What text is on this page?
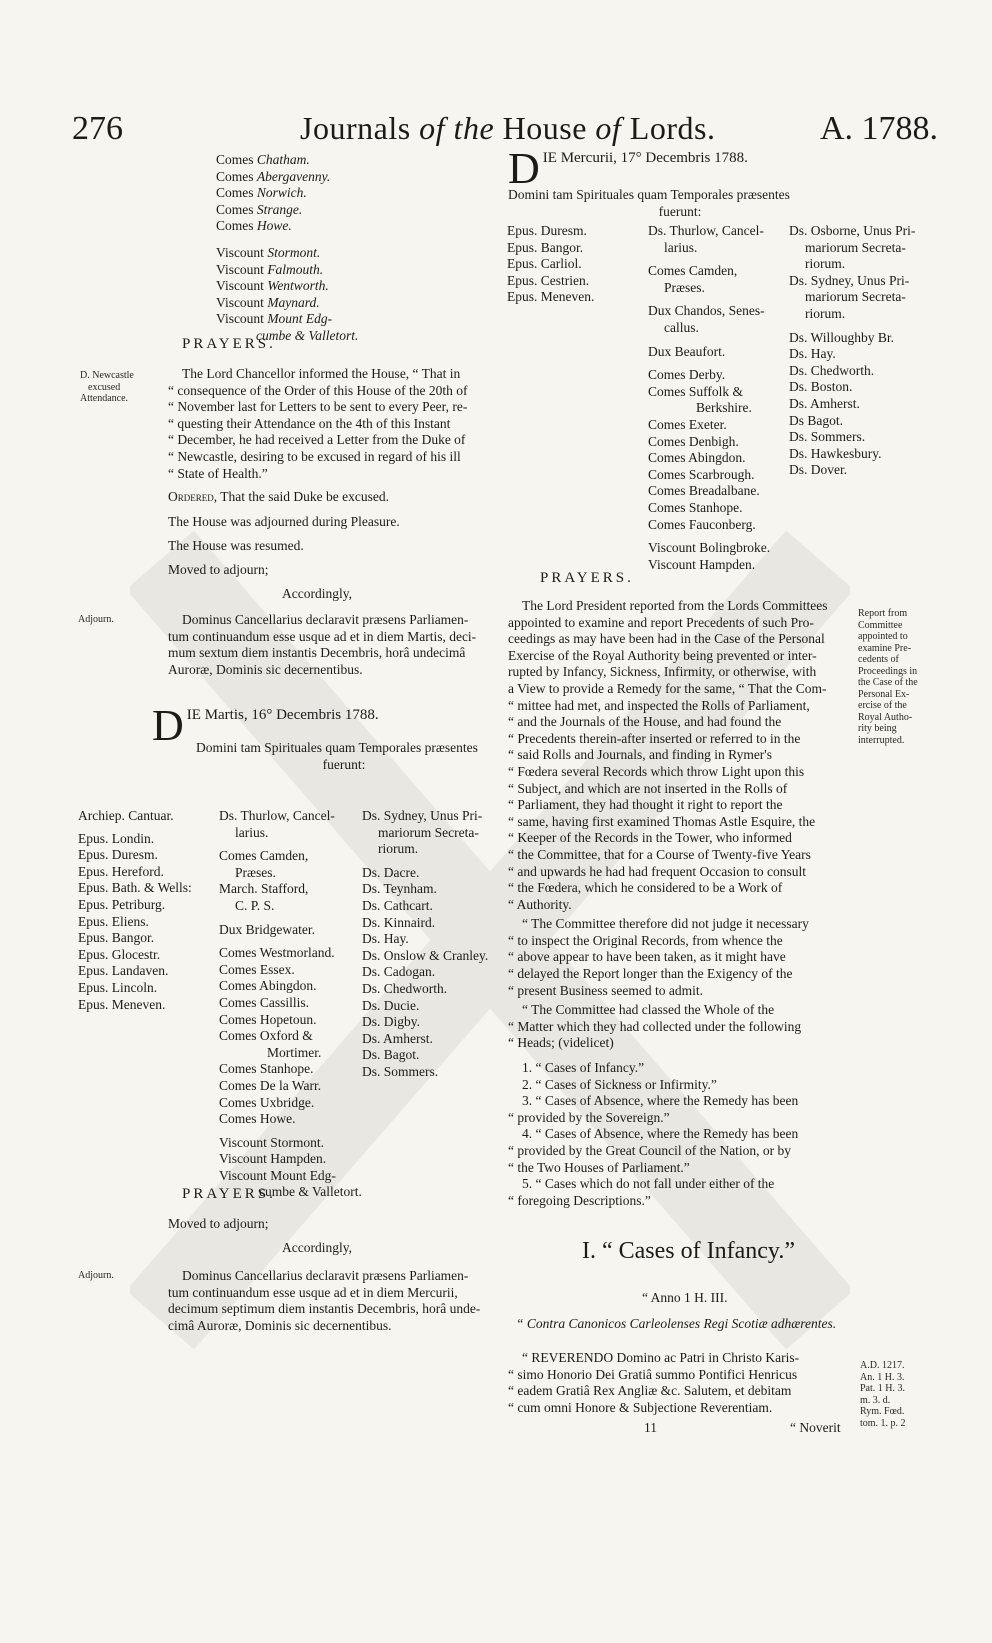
276	Journals of the House of Lords.	A. 1788.
Comes Chatham.
Comes Abergavenny.
Comes Norwich.
Comes Strange.
Comes Howe.
Viscount Stormont.
Viscount Falmouth.
Viscount Wentworth.
Viscount Maynard.
Viscount Mount Edg-
cumbe & Valletort.
PRAYERS.
D. Newcastle
excused
Attendance.
The Lord Chancellor informed the House, “ That in
“ consequence of the Order of this House of the 20th of
“ November last for Letters to be sent to every Peer, re-
“ questing their Attendance on the 4th of this Instant
“ December, he had received a Letter from the Duke of
“ Newcastle, desiring to be excused in regard of his ill
“ State of Health.”
Ordered, That the said Duke be excused.
The House was adjourned during Pleasure.
The House was resumed.
Moved to adjourn;
Accordingly,
Adjourn.	Dominus Cancellarius declaravit præsens Parliamen-
tum continuandum esse usque ad et in diem Martis, deci-
mum sextum diem instantis Decembris, horâ undecimâ
Auroræ, Dominis sic decernentibus.
DIE Martis, 16° Decembris 1788.
Domini tam Spirituales quam Temporales præsentes
fuerunt:
Archiep. Cantuar.
Epus. Londin.
Epus. Duresm.
Epus. Hereford.
Epus. Bath. & Wells:
Epus. Petriburg.
Epus. Eliens.
Epus. Bangor.
Epus. Glocestr.
Epus. Landaven.
Epus. Lincoln.
Epus. Meneven.
Ds. Thurlow, Cancel-
larius.
Comes Camden,
Præses.
March. Stafford,
C. P. S.
Dux Bridgewater.
Comes Westmorland.
Comes Essex.
Comes Abingdon.
Comes Cassillis.
Comes Hopetoun.
Comes Oxford &
Mortimer.
Comes Stanhope.
Comes De la Warr.
Comes Uxbridge.
Comes Howe.
Viscount Stormont.
Viscount Hampden.
Viscount Mount Edg-
cumbe & Valletort.
Ds. Sydney, Unus Pri-
mariorum Secreta-
riorum.
Ds. Dacre.
Ds. Teynham.
Ds. Cathcart.
Ds. Kinnaird.
Ds. Hay.
Ds. Onslow & Cranley.
Ds. Cadogan.
Ds. Chedworth.
Ds. Ducie.
Ds. Digby.
Ds. Amherst.
Ds. Bagot.
Ds. Sommers.
PRAYERS.
Moved to adjourn;
Accordingly,
Adjourn.	Dominus Cancellarius declaravit præsens Parliamen-
tum continuandum esse usque ad et in diem Mercurii,
decimum septimum diem instantis Decembris, horâ unde-
cimâ Auroræ, Dominis sic decernentibus.
DIE Mercurii, 17° Decembris 1788.
Domini tam Spirituales quam Temporales præsentes
fuerunt:
Epus. Duresm.
Epus. Bangor.
Epus. Carliol.
Epus. Cestrien.
Epus. Meneven.
Ds. Thurlow, Cancel-
larius.
Comes Camden,
Præses.
Dux Chandos, Senes-
callus.
Dux Beaufort.
Comes Derby.
Comes Suffolk &
Berkshire.
Comes Exeter.
Comes Denbigh.
Comes Abingdon.
Comes Scarbrough.
Comes Breadalbane.
Comes Stanhope.
Comes Fauconberg.
Viscount Bolingbroke.
Viscount Hampden.
Ds. Osborne, Unus Pri-
mariorum Secreta-
riorum.
Ds. Sydney, Unus Pri-
mariorum Secreta-
riorum.
Ds. Willoughby Br.
Ds. Hay.
Ds. Chedworth.
Ds. Boston.
Ds. Amherst.
Ds Bagot.
Ds. Sommers.
Ds. Hawkesbury.
Ds. Dover.
PRAYERS.
Report from
Committee
appointed to
examine Pre-
cedents of
Proceedings in
the Case of the
Personal Ex-
ercise of the
Royal Autho-
rity being
interrupted.
The Lord President reported from the Lords Committees
appointed to examine and report Precedents of such Pro-
ceedings as may have been had in the Case of the Personal
Exercise of the Royal Authority being prevented or inter-
rupted by Infancy, Sickness, Infirmity, or otherwise, with
a View to provide a Remedy for the same, “ That the Com-
“ mittee had met, and inspected the Rolls of Parliament,
“ and the Journals of the House, and had found the
“ Precedents therein-after inserted or referred to in the
“ said Rolls and Journals, and finding in Rymer's
“ Fœdera several Records which throw Light upon this
“ Subject, and which are not inserted in the Rolls of
“ Parliament, they had thought it right to report the
“ same, having first examined Thomas Astle Esquire, the
“ Keeper of the Records in the Tower, who informed
“ the Committee, that for a Course of Twenty-five Years
“ and upwards he had had frequent Occasion to consult
“ the Fœdera, which he considered to be a Work of
“ Authority.
“ The Committee therefore did not judge it necessary
“ to inspect the Original Records, from whence the
“ above appear to have been taken, as it might have
“ delayed the Report longer than the Exigency of the
“ present Business seemed to admit.
“ The Committee had classed the Whole of the
“ Matter which they had collected under the following
“ Heads; (videlicet)
1. “ Cases of Infancy.”
2. “ Cases of Sickness or Infirmity.”
3. “ Cases of Absence, where the Remedy has been
“ provided by the Sovereign.”
4. “ Cases of Absence, where the Remedy has been
“ provided by the Great Council of the Nation, or by
“ the Two Houses of Parliament.”
5. “ Cases which do not fall under either of the
“ foregoing Descriptions.”
I. “ Cases of Infancy.”
“ Anno 1 H. III.
“ Contra Canonicos Carleolenses Regi Scotiæ adhærentes.
A.D. 1217.
An. 1 H. 3.
Pat. 1 H. 3.
m. 3. d.
Rym. Fœd.
tom. 1. p. 2
“ REVERENDO Domino ac Patri in Christo Karis-
“ simo Honorio Dei Gratiâ summo Pontifici Henricus
“ eadem Gratiâ Rex Angliæ &c. Salutem, et debitam
“ cum omni Honore & Subjectione Reverentiam.
11	“ Noverit
